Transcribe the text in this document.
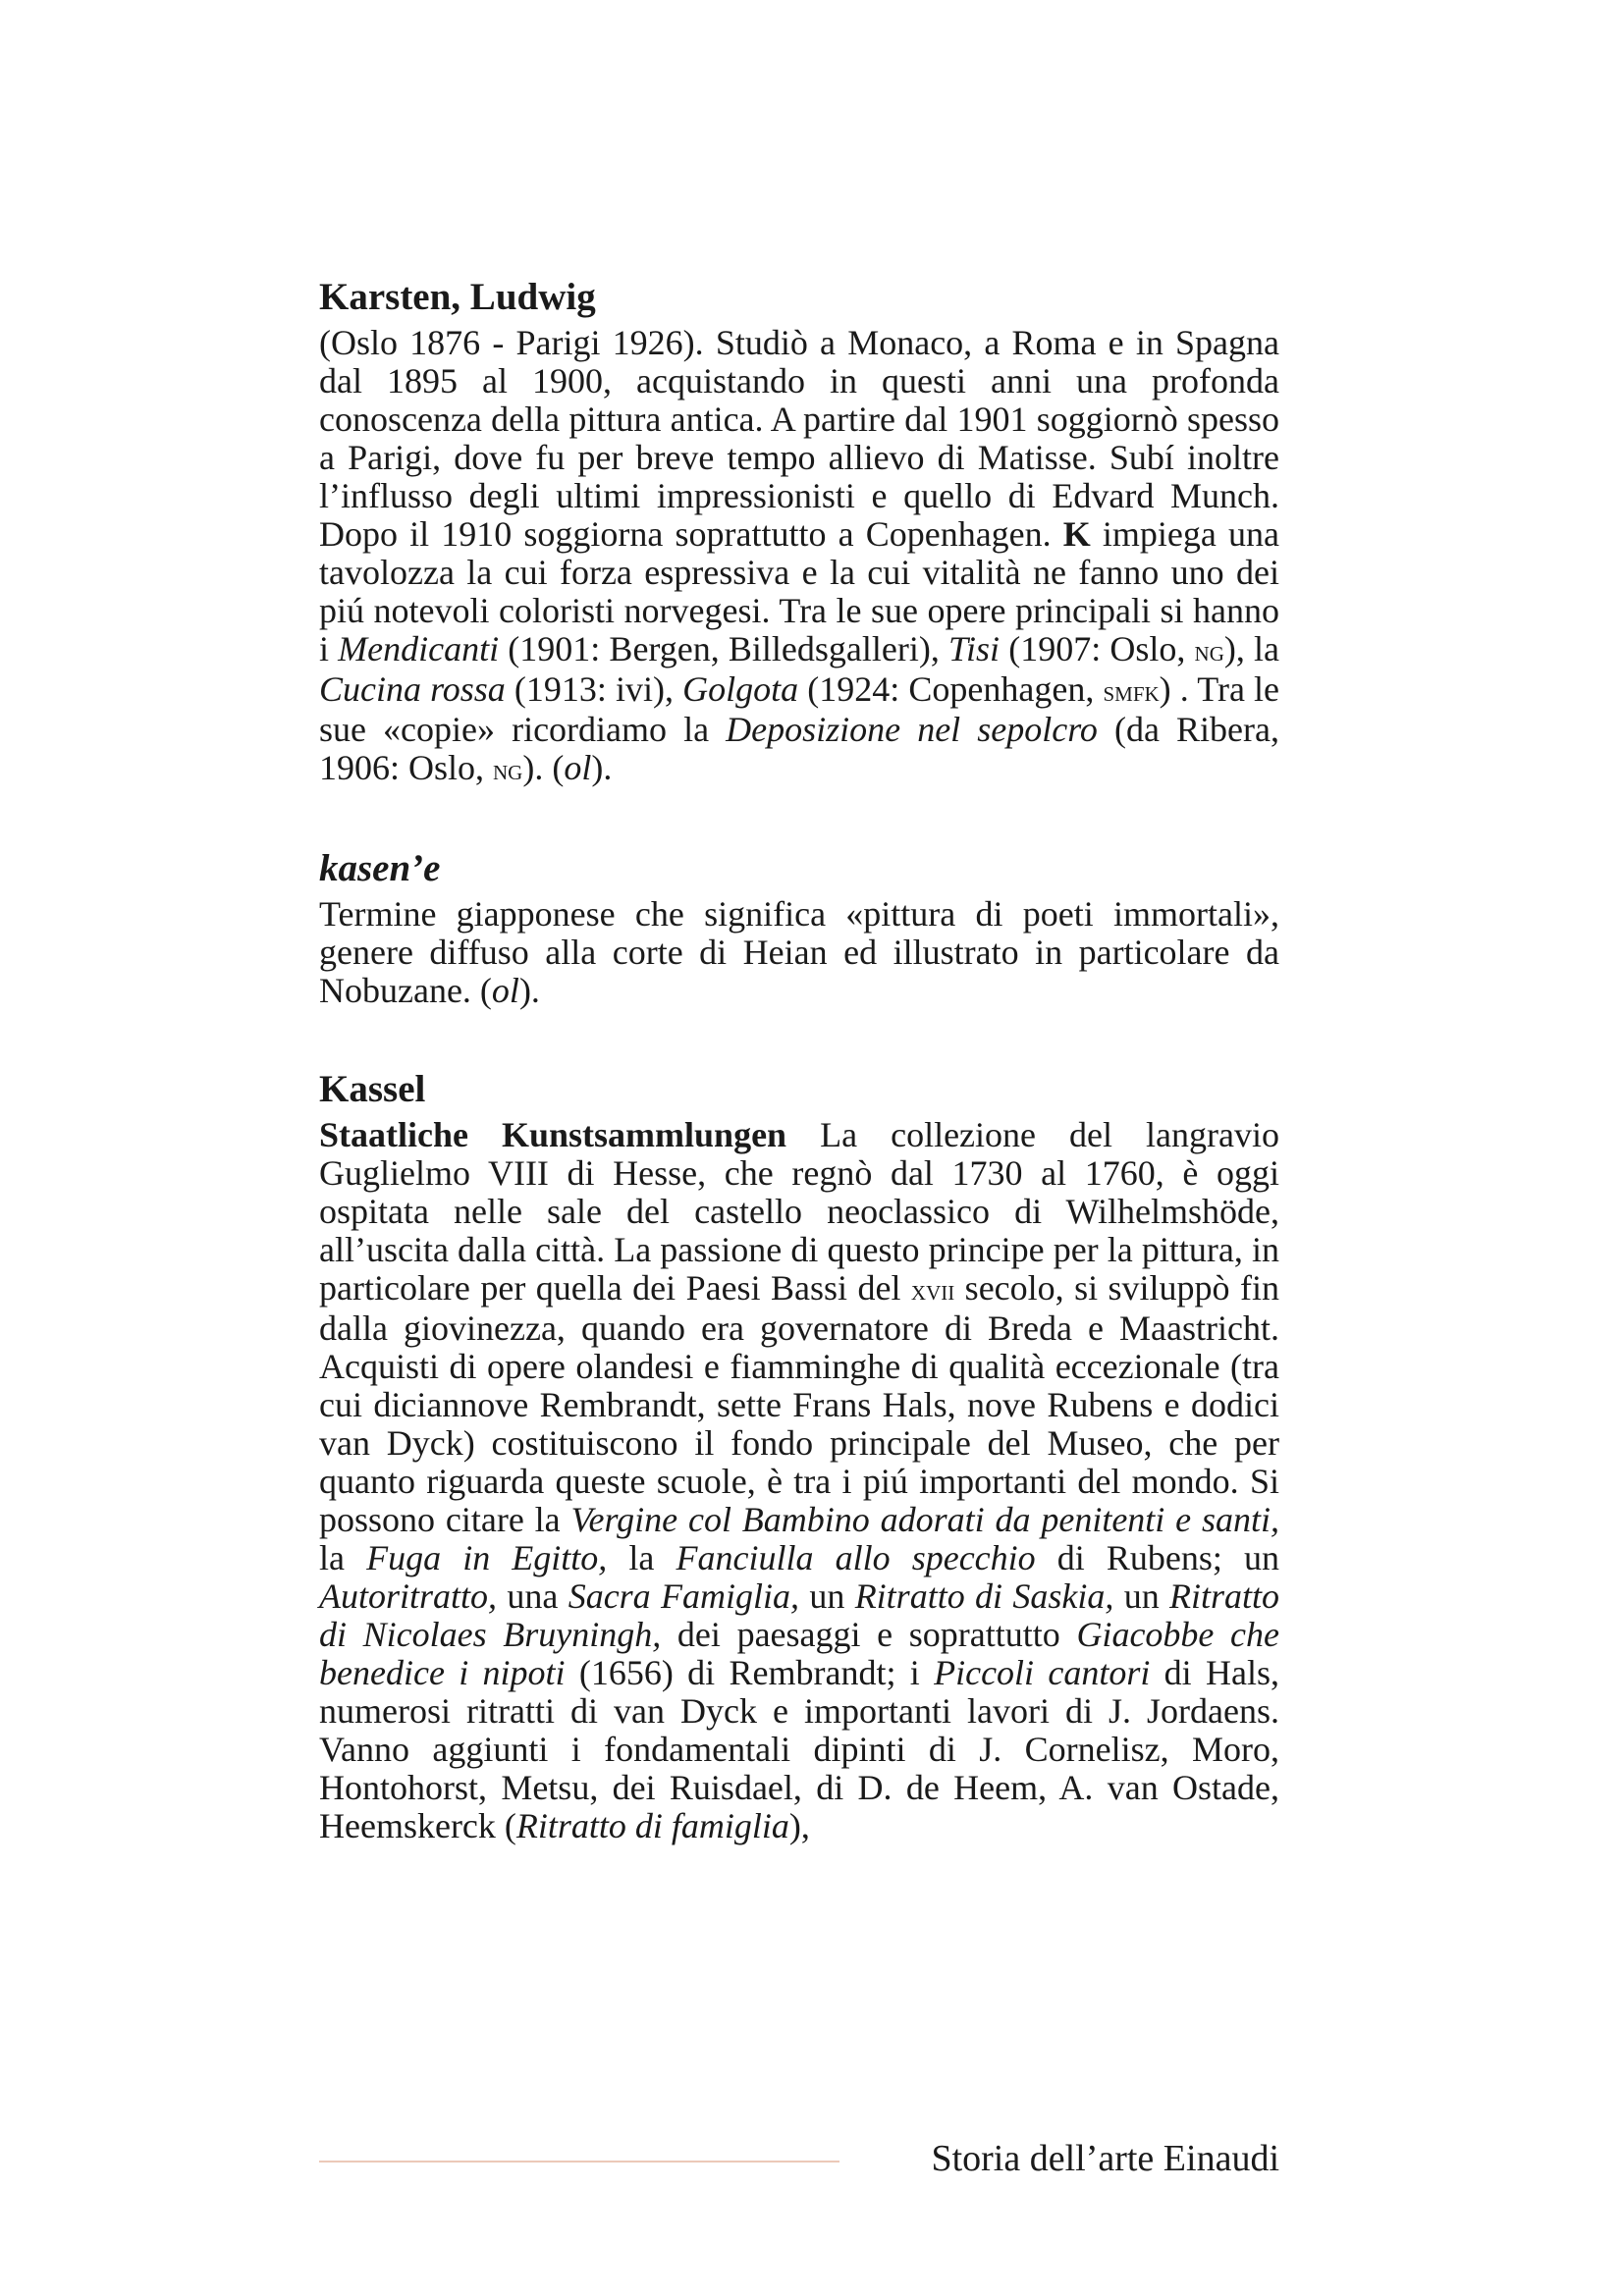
Karsten, Ludwig

(Oslo 1876 - Parigi 1926). Studiò a Monaco, a Roma e in Spagna dal 1895 al 1900, acquistando in questi anni una profonda conoscenza della pittura antica. A partire dal 1901 soggiornò spesso a Parigi, dove fu per breve tempo allievo di Matisse. Subí inoltre l’influsso degli ultimi impressionisti e quello di Edvard Munch. Dopo il 1910 soggiorna soprattutto a Copenhagen. K impiega una tavolozza la cui forza espressiva e la cui vitalità ne fanno uno dei piú notevoli coloristi norvegesi. Tra le sue opere principali si hanno i Mendicanti (1901: Bergen, Billedsgalleri), Tisi (1907: Oslo, ng), la Cucina rossa (1913: ivi), Golgota (1924: Copenhagen, smfk) . Tra le sue «copie» ricordiamo la Deposizione nel sepolcro (da Ribera, 1906: Oslo, ng). (ol).

kasen’e

Termine giapponese che significa «pittura di poeti immortali», genere diffuso alla corte di Heian ed illustrato in particolare da Nobuzane. (ol).

Kassel

Staatliche Kunstsammlungen La collezione del langravio Guglielmo VIII di Hesse, che regnò dal 1730 al 1760, è oggi ospitata nelle sale del castello neoclassico di Wilhelmshöde, all’uscita dalla città. La passione di questo principe per la pittura, in particolare per quella dei Paesi Bassi del xvii secolo, si sviluppò fin dalla giovinezza, quando era governatore di Breda e Maastricht. Acquisti di opere olandesi e fiamminghe di qualità eccezionale (tra cui diciannove Rembrandt, sette Frans Hals, nove Rubens e dodici van Dyck) costituiscono il fondo principale del Museo, che per quanto riguarda queste scuole, è tra i piú importanti del mondo. Si possono citare la Vergine col Bambino adorati da penitenti e santi, la Fuga in Egitto, la Fanciulla allo specchio di Rubens; un Autoritratto, una Sacra Famiglia, un Ritratto di Saskia, un Ritratto di Nicolaes Bruyningh, dei paesaggi e soprattutto Giacobbe che benedice i nipoti (1656) di Rembrandt; i Piccoli cantori di Hals, numerosi ritratti di van Dyck e importanti lavori di J. Jordaens. Vanno aggiunti i fondamentali dipinti di J. Cornelisz, Moro, Hontohorst, Metsu, dei Ruisdael, di D. de Heem, A. van Ostade, Heemskerck (Ritratto di famiglia),

Storia dell’arte Einaudi
